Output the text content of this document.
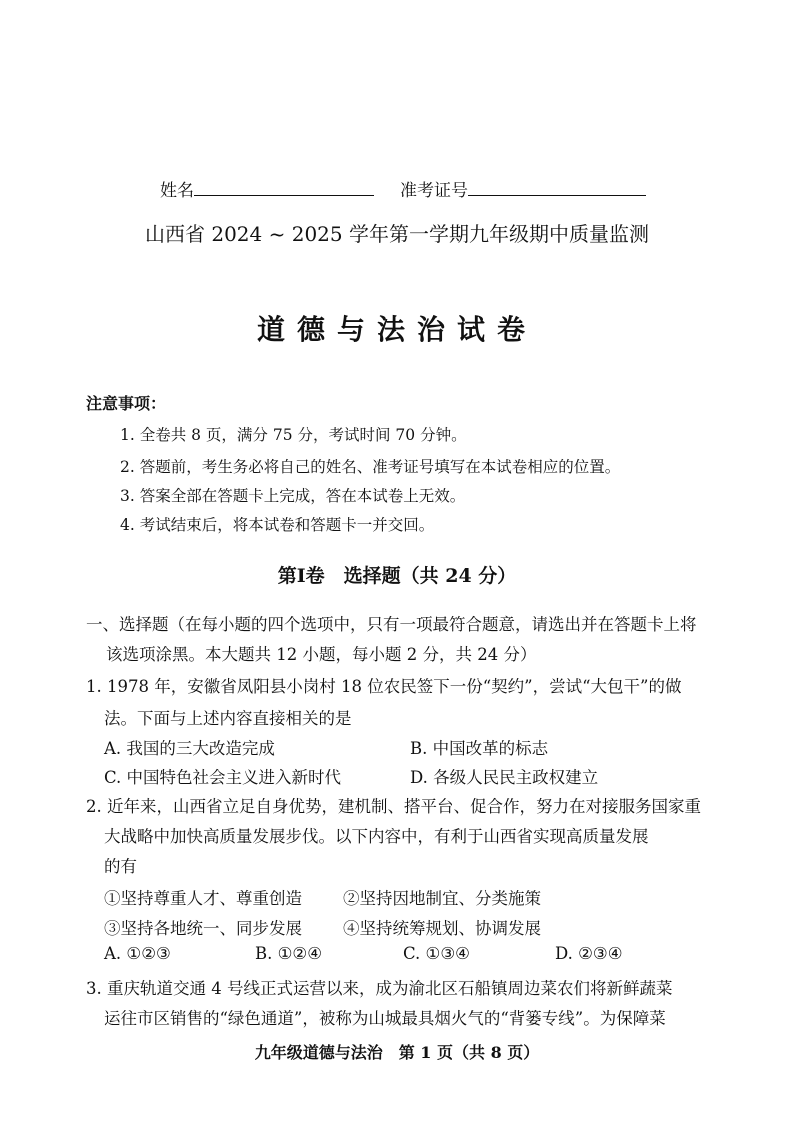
姓名	准考证号
山西省 2024 ~ 2025 学年第一学期九年级期中质量监测
道德与法治试卷
注意事项：
1. 全卷共 8 页，满分 75 分，考试时间 70 分钟。
2. 答题前，考生务必将自己的姓名、准考证号填写在本试卷相应的位置。
3. 答案全部在答题卡上完成，答在本试卷上无效。
4. 考试结束后，将本试卷和答题卡一并交回。
第Ⅰ卷　选择题（共 24 分）
一、选择题（在每小题的四个选项中，只有一项最符合题意，请选出并在答题卡上将
该选项涂黑。本大题共 12 小题，每小题 2 分，共 24 分）
1. 1978 年，安徽省凤阳县小岗村 18 位农民签下一份“契约”，尝试“大包干”的做
法。下面与上述内容直接相关的是
A. 我国的三大改造完成	B. 中国改革的标志
C. 中国特色社会主义进入新时代	D. 各级人民民主政权建立
2. 近年来，山西省立足自身优势，建机制、搭平台、促合作，努力在对接服务国家重
大战略中加快高质量发展步伐。以下内容中，有利于山西省实现高质量发展
的有
①坚持尊重人才、尊重创造 ②坚持因地制宜、分类施策
③坚持各地统一、同步发展 ④坚持统筹规划、协调发展
A. ①②③	B. ①②④	C. ①③④	D. ②③④
3. 重庆轨道交通 4 号线正式运营以来，成为渝北区石船镇周边菜农们将新鲜蔬菜
运往市区销售的“绿色通道”，被称为山城最具烟火气的“背篓专线”。为保障菜
九年级道德与法治　第 1 页（共 8 页）
